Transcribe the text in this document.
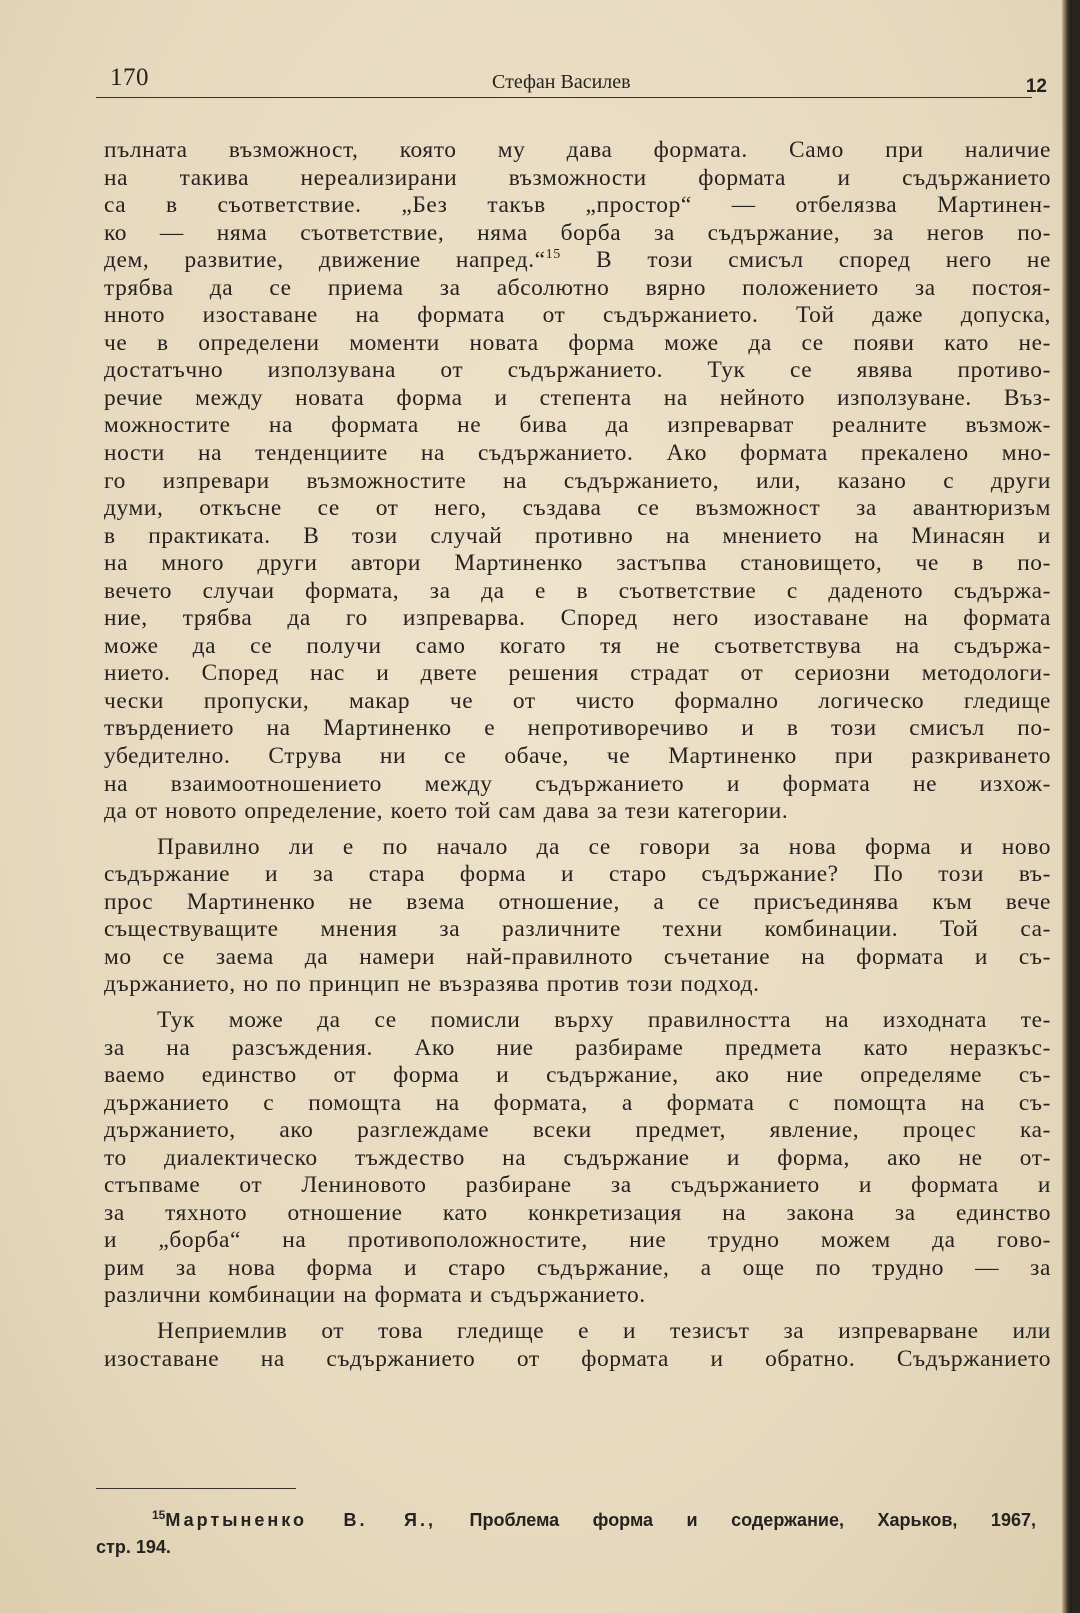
170	Стефан Василев	12
пълната възможност, която му дава формата. Само при наличие
на такива нереализирани възможности формата и съдържанието
са в съответствие. „Без такъв „простор“ — отбелязва Мартинен-
ко — няма съответствие, няма борба за съдържание, за негов по-
дем, развитие, движение напред.“$^{15}$ В този смисъл според него не
трябва да се приема за абсолютно вярно положението за постоя-
нното изоставане на формата от съдържанието. Той даже допуска,
че в определени моменти новата форма може да се появи като не-
достатъчно използувана от съдържанието. Тук се явява противо-
речие между новата форма и степента на нейното използуване. Въз-
можностите на формата не бива да изпреварват реалните възмож-
ности на тенденциите на съдържанието. Ако формата прекалено мно-
го изпревари възможностите на съдържанието, или, казано с други
думи, откъсне се от него, създава се възможност за авантюризъм
в практиката. В този случай противно на мнението на Минасян и
на много други автори Мартиненко застъпва становището, че в по-
вечето случаи формата, за да е в съответствие с даденото съдържа-
ние, трябва да го изпреварва. Според него изоставане на формата
може да се получи само когато тя не съответствува на съдържа-
нието. Според нас и двете решения страдат от сериозни методологи-
чески пропуски, макар че от чисто формално логическо гледище
твърдението на Мартиненко е непротиворечиво и в този смисъл по-
убедително. Струва ни се обаче, че Мартиненко при разкриването
на взаимоотношението между съдържанието и формата не изхож-
да от новото определение, което той сам дава за тези категории.
Правилно ли е по начало да се говори за нова форма и ново
съдържание и за стара форма и старо съдържание? По този въ-
прос Мартиненко не взема отношение, а се присъединява към вече
съществуващите мнения за различните техни комбинации. Той са-
мо се заема да намери най-правилното съчетание на формата и съ-
държанието, но по принцип не възразява против този подход.
Тук може да се помисли върху правилността на изходната те-
за на разсъждения. Ако ние разбираме предмета като неразкъс-
ваемо единство от форма и съдържание, ако ние определяме съ-
държанието с помощта на формата, а формата с помощта на съ-
държанието, ако разглеждаме всеки предмет, явление, процес ка-
то диалектическо тъждество на съдържание и форма, ако не от-
стъпваме от Лениновото разбиране за съдържанието и формата и
за тяхното отношение като конкретизация на закона за единство
и „борба“ на противоположностите, ние трудно можем да гово-
рим за нова форма и старо съдържание, а още по трудно — за
различни комбинации на формата и съдържанието.
Неприемлив от това гледище е и тезисът за изпреварване или
изоставане на съдържанието от формата и обратно. Съдържанието
$^{15}$Мартыненко В. Я., Проблема форма и содержание, Харьков, 1967,
стр. 194.
